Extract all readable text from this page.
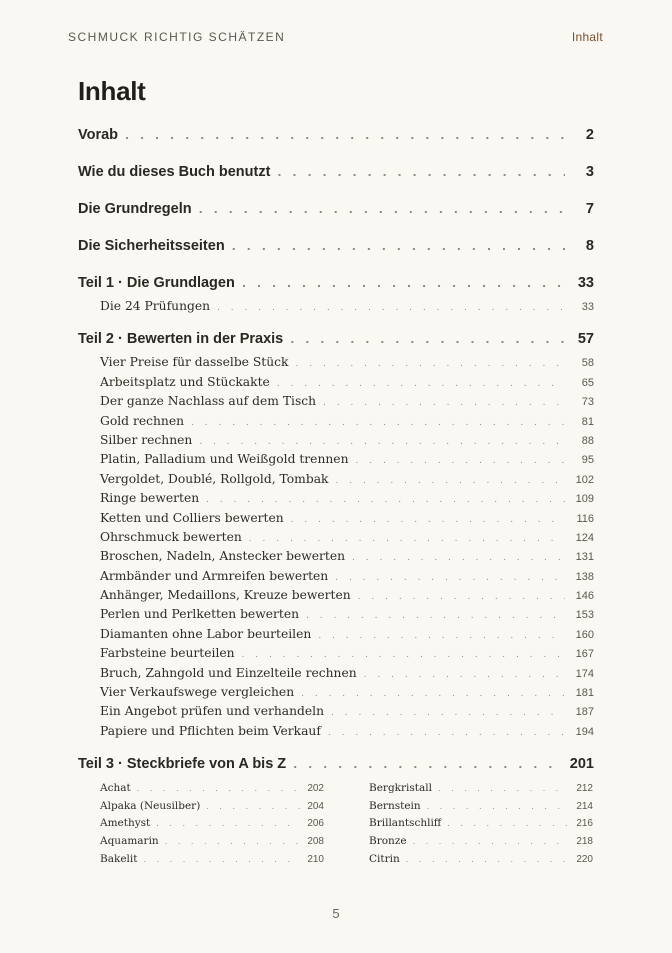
SCHMUCK RICHTIG SCHÄTZEN	Inhalt
Inhalt
Vorab . . .	2
Wie du dieses Buch benutzt . . .	3
Die Grundregeln . . .	7
Die Sicherheitsseiten . . .	8
Teil 1 · Die Grundlagen . . .	33
Die 24 Prüfungen . . .	33
Teil 2 · Bewerten in der Praxis . . .	57
Vier Preise für dasselbe Stück . . .	58
Arbeitsplatz und Stückakte . . .	65
Der ganze Nachlass auf dem Tisch . . .	73
Gold rechnen . . .	81
Silber rechnen . . .	88
Platin, Palladium und Weißgold trennen . . .	95
Vergoldet, Doublé, Rollgold, Tombak . . .	102
Ringe bewerten . . .	109
Ketten und Colliers bewerten . . .	116
Ohrschmuck bewerten . . .	124
Broschen, Nadeln, Anstecker bewerten . . .	131
Armbänder und Armreifen bewerten . . .	138
Anhänger, Medaillons, Kreuze bewerten . . .	146
Perlen und Perlketten bewerten . . .	153
Diamanten ohne Labor beurteilen . . .	160
Farbsteine beurteilen . . .	167
Bruch, Zahngold und Einzelteile rechnen . . .	174
Vier Verkaufswege vergleichen . . .	181
Ein Angebot prüfen und verhandeln . . .	187
Papiere und Pflichten beim Verkauf . . .	194
Teil 3 · Steckbriefe von A bis Z . . .	201
Achat . . .	202
Alpaka (Neusilber) . . .	204
Amethyst . . .	206
Aquamarin . . .	208
Bakelit . . .	210
Bergkristall . . .	212
Bernstein . . .	214
Brillantschliff . . .	216
Bronze . . .	218
Citrin . . .	220
5
